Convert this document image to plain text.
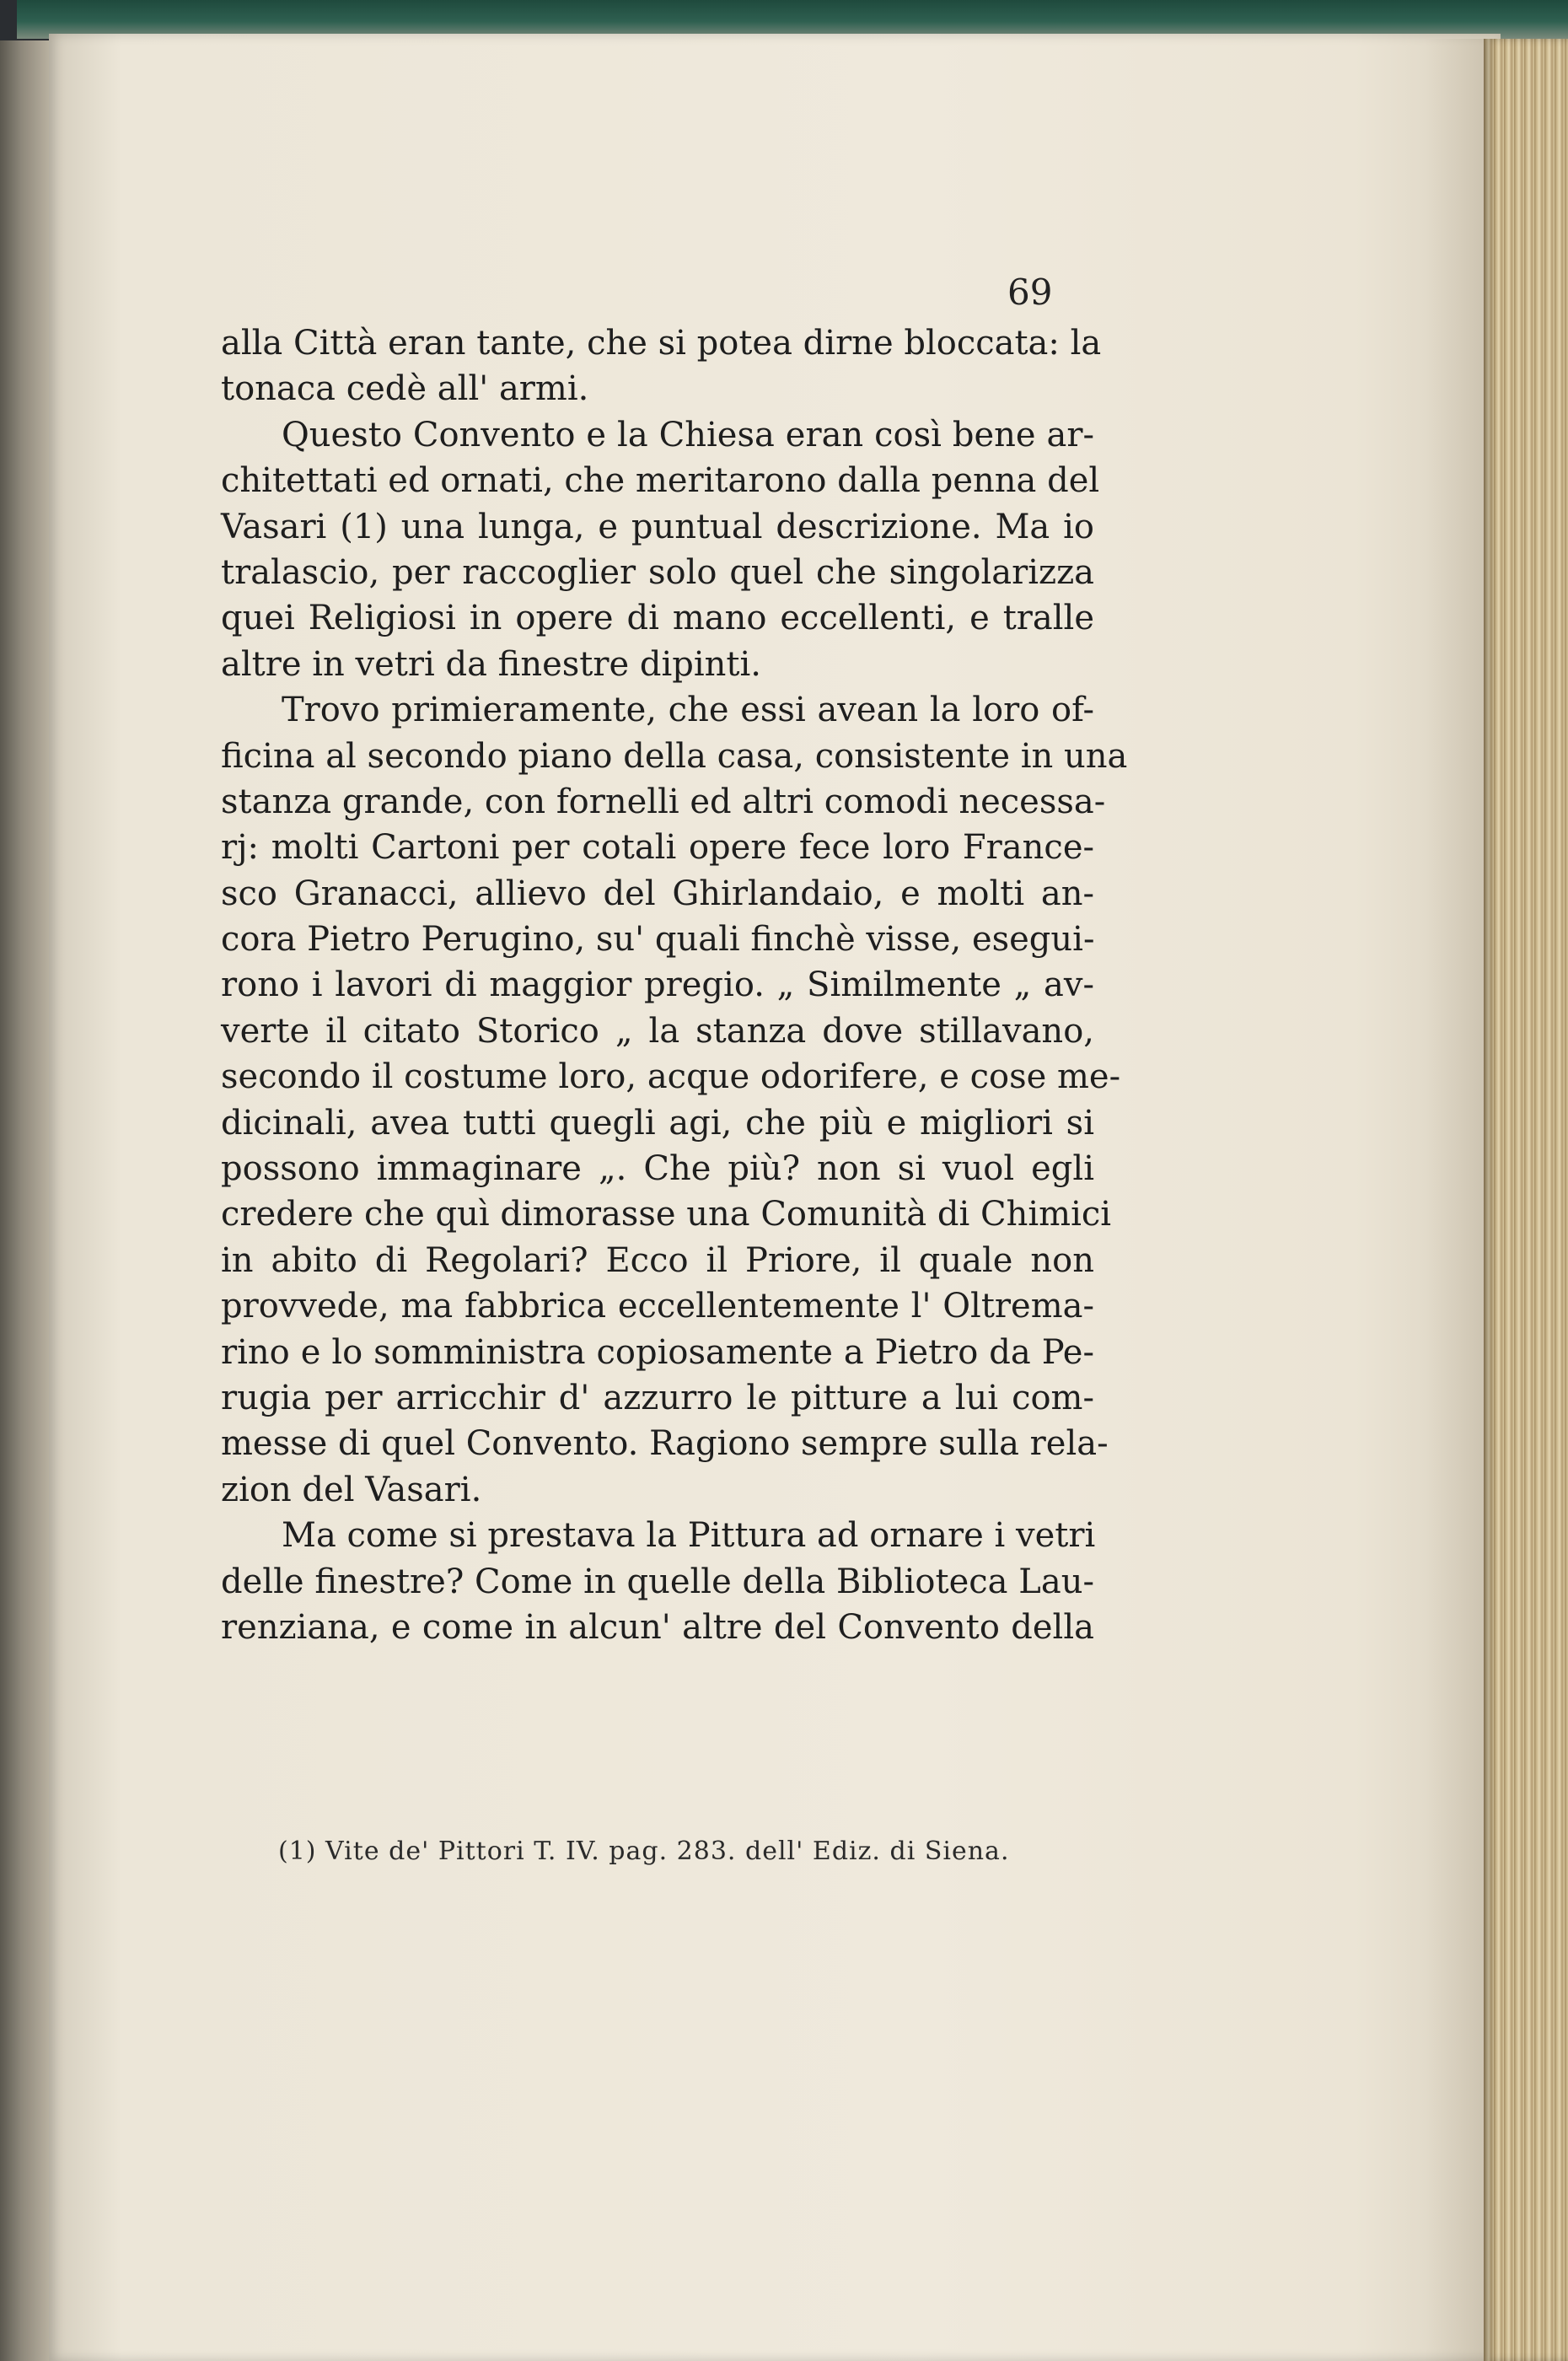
69
alla Città eran tante, che si potea dirne bloccata: la
tonaca cedè all' armi.
Questo Convento e la Chiesa eran così bene ar-
chitettati ed ornati, che meritarono dalla penna del
Vasari (1) una lunga, e puntual descrizione. Ma io
tralascio, per raccoglier solo quel che singolarizza
quei Religiosi in opere di mano eccellenti, e tralle
altre in vetri da finestre dipinti.
Trovo primieramente, che essi avean la loro of-
ficina al secondo piano della casa, consistente in una
stanza grande, con fornelli ed altri comodi necessa-
rj: molti Cartoni per cotali opere fece loro France-
sco Granacci, allievo del Ghirlandaio, e molti an-
cora Pietro Perugino, su' quali finchè visse, esegui-
rono i lavori di maggior pregio. „ Similmente „ av-
verte il citato Storico „ la stanza dove stillavano,
secondo il costume loro, acque odorifere, e cose me-
dicinali, avea tutti quegli agi, che più e migliori si
possono immaginare „. Che più? non si vuol egli
credere che quì dimorasse una Comunità di Chimici
in abito di Regolari? Ecco il Priore, il quale non
provvede, ma fabbrica eccellentemente l' Oltrema-
rino e lo somministra copiosamente a Pietro da Pe-
rugia per arricchir d' azzurro le pitture a lui com-
messe di quel Convento. Ragiono sempre sulla rela-
zion del Vasari.
Ma come si prestava la Pittura ad ornare i vetri
delle finestre? Come in quelle della Biblioteca Lau-
renziana, e come in alcun' altre del Convento della
(1) Vite de' Pittori T. IV. pag. 283. dell' Ediz. di Siena.
